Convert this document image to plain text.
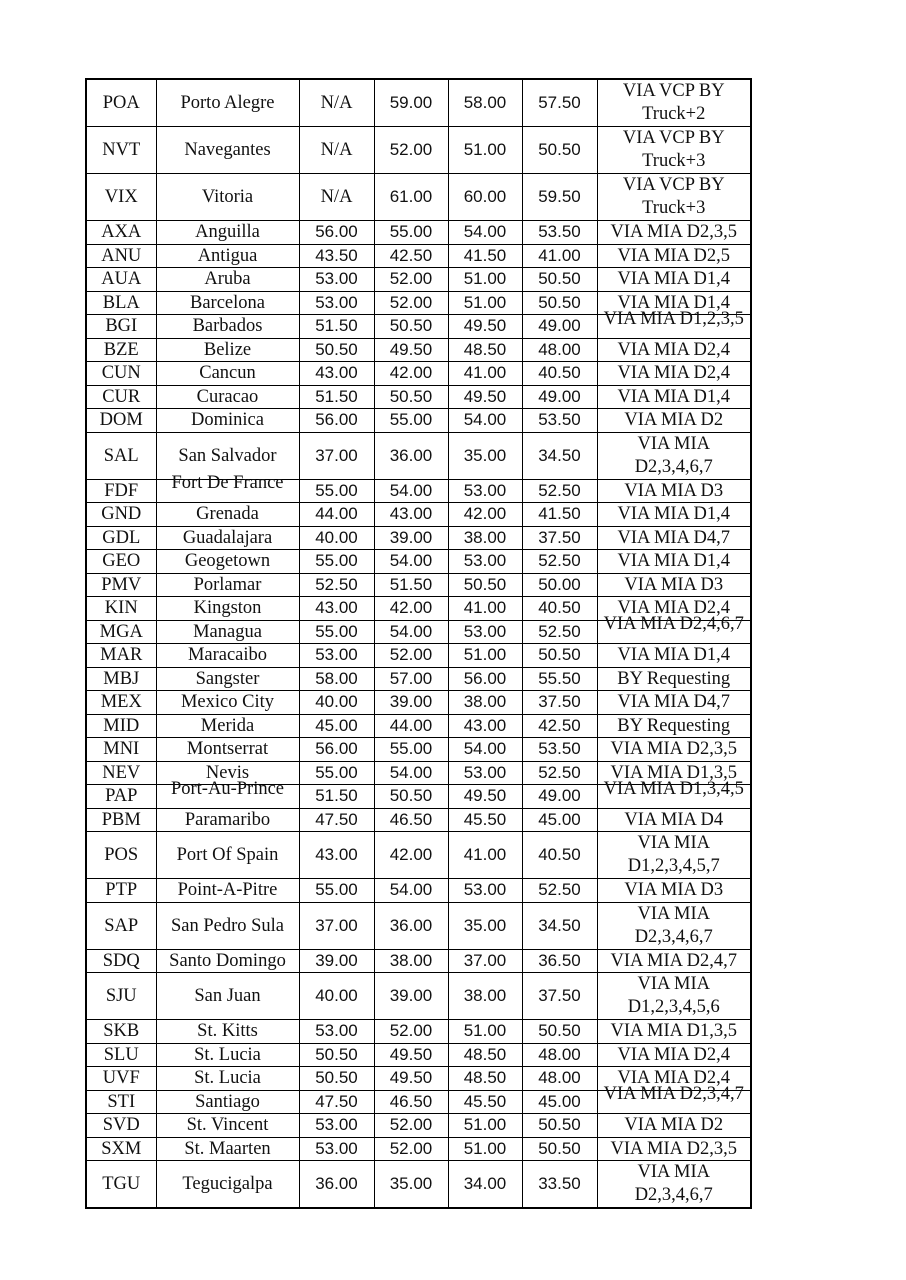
POA	Porto Alegre	N/A	59.00	58.00	57.50	VIA VCP BY Truck+2

NVT	Navegantes	N/A	52.00	51.00	50.50	VIA VCP BY Truck+3

VIX	Vitoria	N/A	61.00	60.00	59.50	VIA VCP BY Truck+3

AXA	Anguilla	56.00	55.00	54.00	53.50	VIA MIA D2,3,5
ANU	Antigua	43.50	42.50	41.50	41.00	VIA MIA D2,5
AUA	Aruba	53.00	52.00	51.00	50.50	VIA MIA D1,4
BLA	Barcelona	53.00	52.00	51.00	50.50	VIA MIA D1,4
BGI	Barbados	51.50	50.50	49.50	49.00	VIA MIA D1,2,3,5

BZE	Belize	50.50	49.50	48.50	48.00	VIA MIA D2,4
CUN	Cancun	43.00	42.00	41.00	40.50	VIA MIA D2,4
CUR	Curacao	51.50	50.50	49.50	49.00	VIA MIA D1,4
DOM	Dominica	56.00	55.00	54.00	53.50	VIA MIA D2
SAL	San Salvador	37.00	36.00	35.00	34.50	VIA MIA D2,3,4,6,7

FDF	Fort De France	55.00	54.00	53.00	52.50	VIA MIA D3
GND	Grenada	44.00	43.00	42.00	41.50	VIA MIA D1,4
GDL	Guadalajara	40.00	39.00	38.00	37.50	VIA MIA D4,7
GEO	Geogetown	55.00	54.00	53.00	52.50	VIA MIA D1,4
PMV	Porlamar	52.50	51.50	50.50	50.00	VIA MIA D3
KIN	Kingston	43.00	42.00	41.00	40.50	VIA MIA D2,4
MGA	Managua	55.00	54.00	53.00	52.50	VIA MIA D2,4,6,7

MAR	Maracaibo	53.00	52.00	51.00	50.50	VIA MIA D1,4
MBJ	Sangster	58.00	57.00	56.00	55.50	BY Requesting
MEX	Mexico City	40.00	39.00	38.00	37.50	VIA MIA D4,7
MID	Merida	45.00	44.00	43.00	42.50	BY Requesting
MNI	Montserrat	56.00	55.00	54.00	53.50	VIA MIA D2,3,5
NEV	Nevis	55.00	54.00	53.00	52.50	VIA MIA D1,3,5
PAP	Port-Au-Prince	51.50	50.50	49.50	49.00	VIA MIA D1,3,4,5

PBM	Paramaribo	47.50	46.50	45.50	45.00	VIA MIA D4
POS	Port Of Spain	43.00	42.00	41.00	40.50	VIA MIA D1,2,3,4,5,7

PTP	Point-A-Pitre	55.00	54.00	53.00	52.50	VIA MIA D3
SAP	San Pedro Sula	37.00	36.00	35.00	34.50	VIA MIA D2,3,4,6,7

SDQ	Santo Domingo	39.00	38.00	37.00	36.50	VIA MIA D2,4,7
SJU	San Juan	40.00	39.00	38.00	37.50	VIA MIA D1,2,3,4,5,6

SKB	St. Kitts	53.00	52.00	51.00	50.50	VIA MIA D1,3,5
SLU	St. Lucia	50.50	49.50	48.50	48.00	VIA MIA D2,4
UVF	St. Lucia	50.50	49.50	48.50	48.00	VIA MIA D2,4
STI	Santiago	47.50	46.50	45.50	45.00	VIA MIA D2,3,4,7

SVD	St. Vincent	53.00	52.00	51.00	50.50	VIA MIA D2
SXM	St. Maarten	53.00	52.00	51.00	50.50	VIA MIA D2,3,5
TGU	Tegucigalpa	36.00	35.00	34.00	33.50	VIA MIA D2,3,4,6,7
